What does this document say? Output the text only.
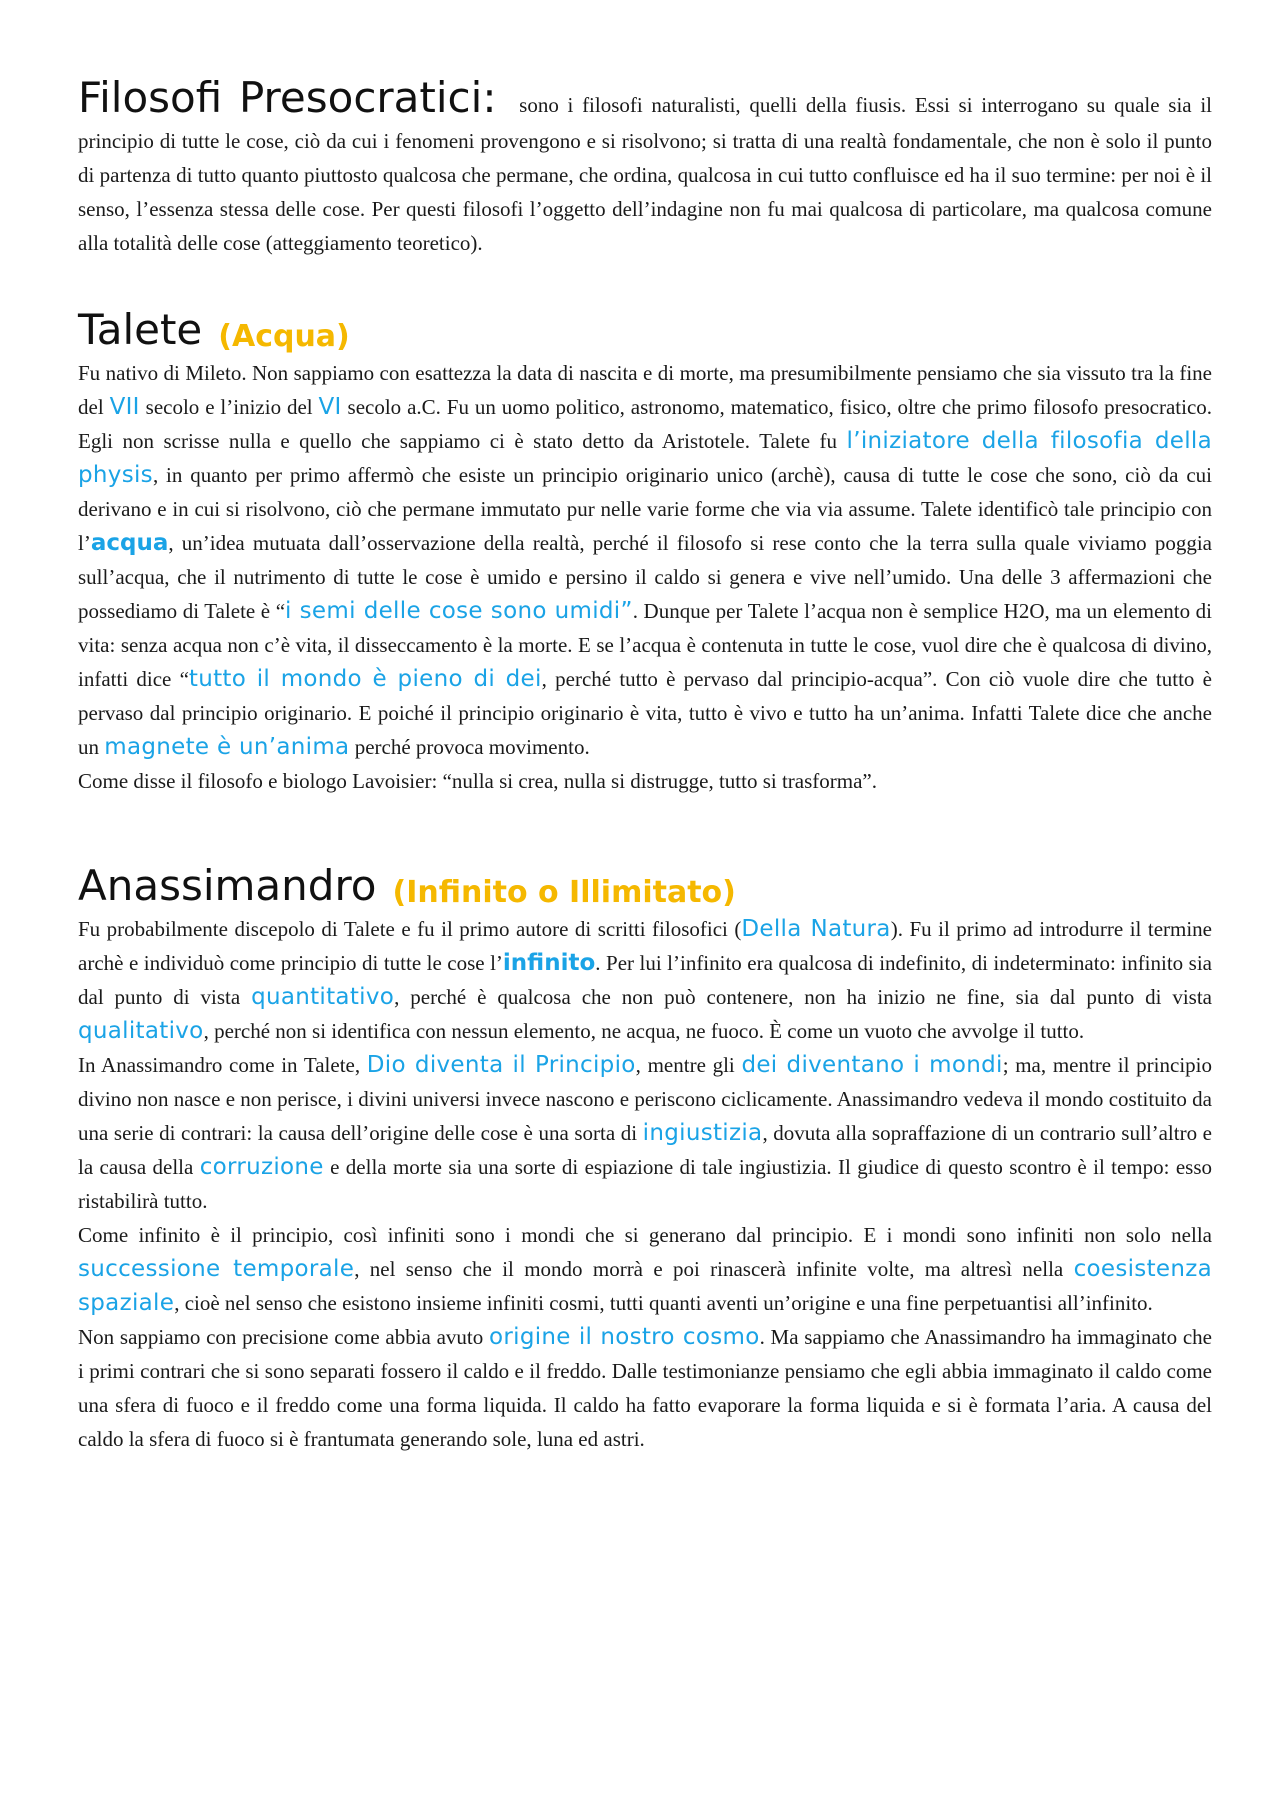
Filosofi Presocratici: sono i filosofi naturalisti, quelli della fiusis. Essi si interrogano su quale sia il principio di tutte le cose, ciò da cui i fenomeni provengono e si risolvono; si tratta di una realtà fondamentale, che non è solo il punto di partenza di tutto quanto piuttosto qualcosa che permane, che ordina, qualcosa in cui tutto confluisce ed ha il suo termine: per noi è il senso, l’essenza stessa delle cose. Per questi filosofi l’oggetto dell’indagine non fu mai qualcosa di particolare, ma qualcosa comune alla totalità delle cose (atteggiamento teoretico).

Talete (Acqua)

Fu nativo di Mileto. Non sappiamo con esattezza la data di nascita e di morte, ma presumibilmente pensiamo che sia vissuto tra la fine del VII secolo e l’inizio del VI secolo a.C. Fu un uomo politico, astronomo, matematico, fisico, oltre che primo filosofo presocratico. Egli non scrisse nulla e quello che sappiamo ci è stato detto da Aristotele. Talete fu l’iniziatore della filosofia della physis, in quanto per primo affermò che esiste un principio originario unico (archè), causa di tutte le cose che sono, ciò da cui derivano e in cui si risolvono, ciò che permane immutato pur nelle varie forme che via via assume. Talete identificò tale principio con l’acqua, un’idea mutuata dall’osservazione della realtà, perché il filosofo si rese conto che la terra sulla quale viviamo poggia sull’acqua, che il nutrimento di tutte le cose è umido e persino il caldo si genera e vive nell’umido. Una delle 3 affermazioni che possediamo di Talete è “i semi delle cose sono umidi”. Dunque per Talete l’acqua non è semplice H2O, ma un elemento di vita: senza acqua non c’è vita, il disseccamento è la morte. E se l’acqua è contenuta in tutte le cose, vuol dire che è qualcosa di divino, infatti dice “tutto il mondo è pieno di dei, perché tutto è pervaso dal principio-acqua”. Con ciò vuole dire che tutto è pervaso dal principio originario. E poiché il principio originario è vita, tutto è vivo e tutto ha un’anima. Infatti Talete dice che anche un magnete è un’anima perché provoca movimento.

Come disse il filosofo e biologo Lavoisier: “nulla si crea, nulla si distrugge, tutto si trasforma”.

Anassimandro (Infinito o Illimitato)

Fu probabilmente discepolo di Talete e fu il primo autore di scritti filosofici (Della Natura). Fu il primo ad introdurre il termine archè e individuò come principio di tutte le cose l’infinito. Per lui l’infinito era qualcosa di indefinito, di indeterminato: infinito sia dal punto di vista quantitativo, perché è qualcosa che non può contenere, non ha inizio ne fine, sia dal punto di vista qualitativo, perché non si identifica con nessun elemento, ne acqua, ne fuoco. È come un vuoto che avvolge il tutto.

In Anassimandro come in Talete, Dio diventa il Principio, mentre gli dei diventano i mondi; ma, mentre il principio divino non nasce e non perisce, i divini universi invece nascono e periscono ciclicamente. Anassimandro vedeva il mondo costituito da una serie di contrari: la causa dell’origine delle cose è una sorta di ingiustizia, dovuta alla sopraffazione di un contrario sull’altro e la causa della corruzione e della morte sia una sorte di espiazione di tale ingiustizia. Il giudice di questo scontro è il tempo: esso ristabilirà tutto.

Come infinito è il principio, così infiniti sono i mondi che si generano dal principio. E i mondi sono infiniti non solo nella successione temporale, nel senso che il mondo morrà e poi rinascerà infinite volte, ma altresì nella coesistenza spaziale, cioè nel senso che esistono insieme infiniti cosmi, tutti quanti aventi un’origine e una fine perpetuantisi all’infinito.

Non sappiamo con precisione come abbia avuto origine il nostro cosmo. Ma sappiamo che Anassimandro ha immaginato che i primi contrari che si sono separati fossero il caldo e il freddo. Dalle testimonianze pensiamo che egli abbia immaginato il caldo come una sfera di fuoco e il freddo come una forma liquida. Il caldo ha fatto evaporare la forma liquida e si è formata l’aria. A causa del caldo la sfera di fuoco si è frantumata generando sole, luna ed astri.
